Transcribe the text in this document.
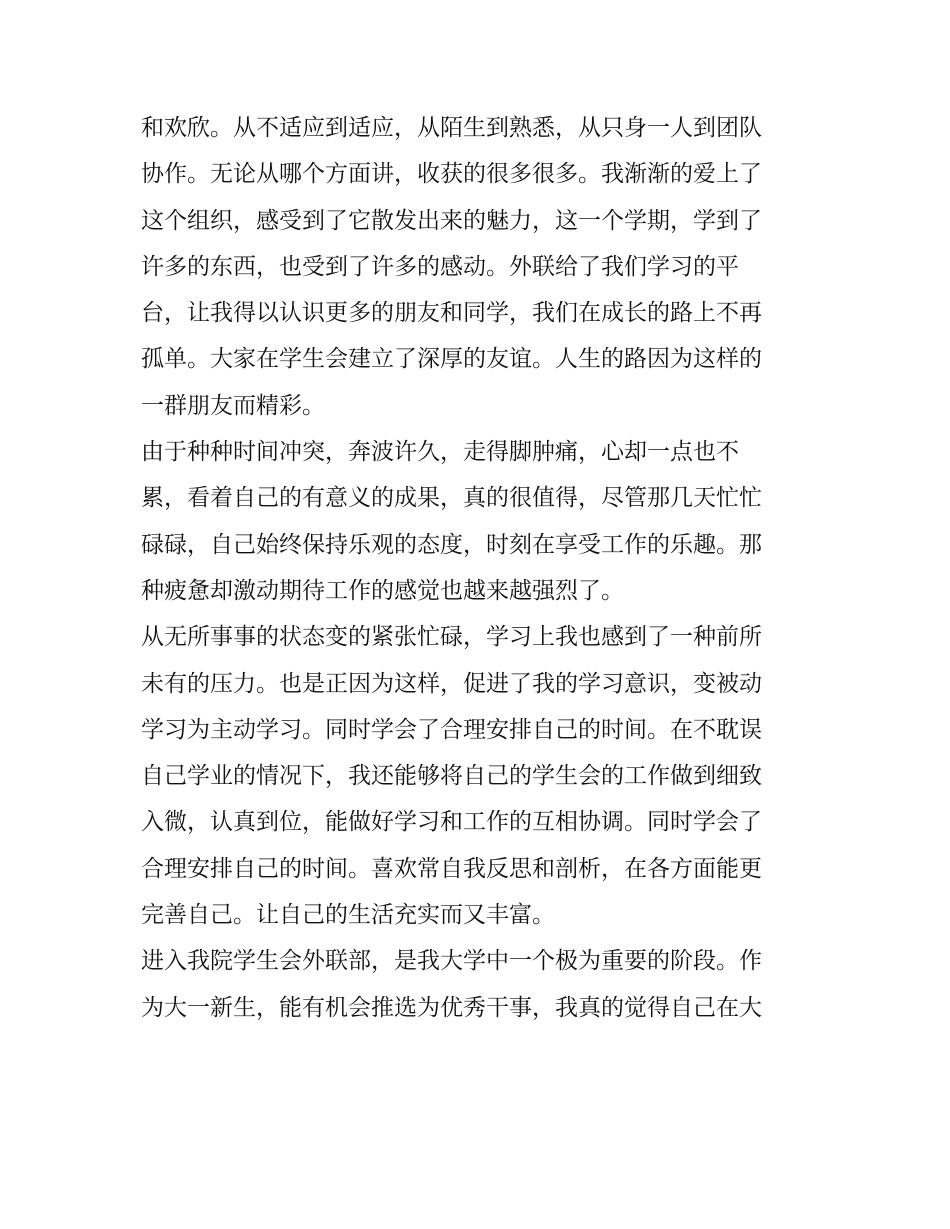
和欢欣。从不适应到适应，从陌生到熟悉，从只身一人到团队
协作。无论从哪个方面讲，收获的很多很多。我渐渐的爱上了
这个组织，感受到了它散发出来的魅力，这一个学期，学到了
许多的东西，也受到了许多的感动。外联给了我们学习的平
台，让我得以认识更多的朋友和同学，我们在成长的路上不再
孤单。大家在学生会建立了深厚的友谊。人生的路因为这样的
一群朋友而精彩。
由于种种时间冲突，奔波许久，走得脚肿痛，心却一点也不
累，看着自己的有意义的成果，真的很值得，尽管那几天忙忙
碌碌，自己始终保持乐观的态度，时刻在享受工作的乐趣。那
种疲惫却激动期待工作的感觉也越来越强烈了。
从无所事事的状态变的紧张忙碌，学习上我也感到了一种前所
未有的压力。也是正因为这样，促进了我的学习意识，变被动
学习为主动学习。同时学会了合理安排自己的时间。在不耽误
自己学业的情况下，我还能够将自己的学生会的工作做到细致
入微，认真到位，能做好学习和工作的互相协调。同时学会了
合理安排自己的时间。喜欢常自我反思和剖析，在各方面能更
完善自己。让自己的生活充实而又丰富。
进入我院学生会外联部，是我大学中一个极为重要的阶段。作
为大一新生，能有机会推选为优秀干事，我真的觉得自己在大
